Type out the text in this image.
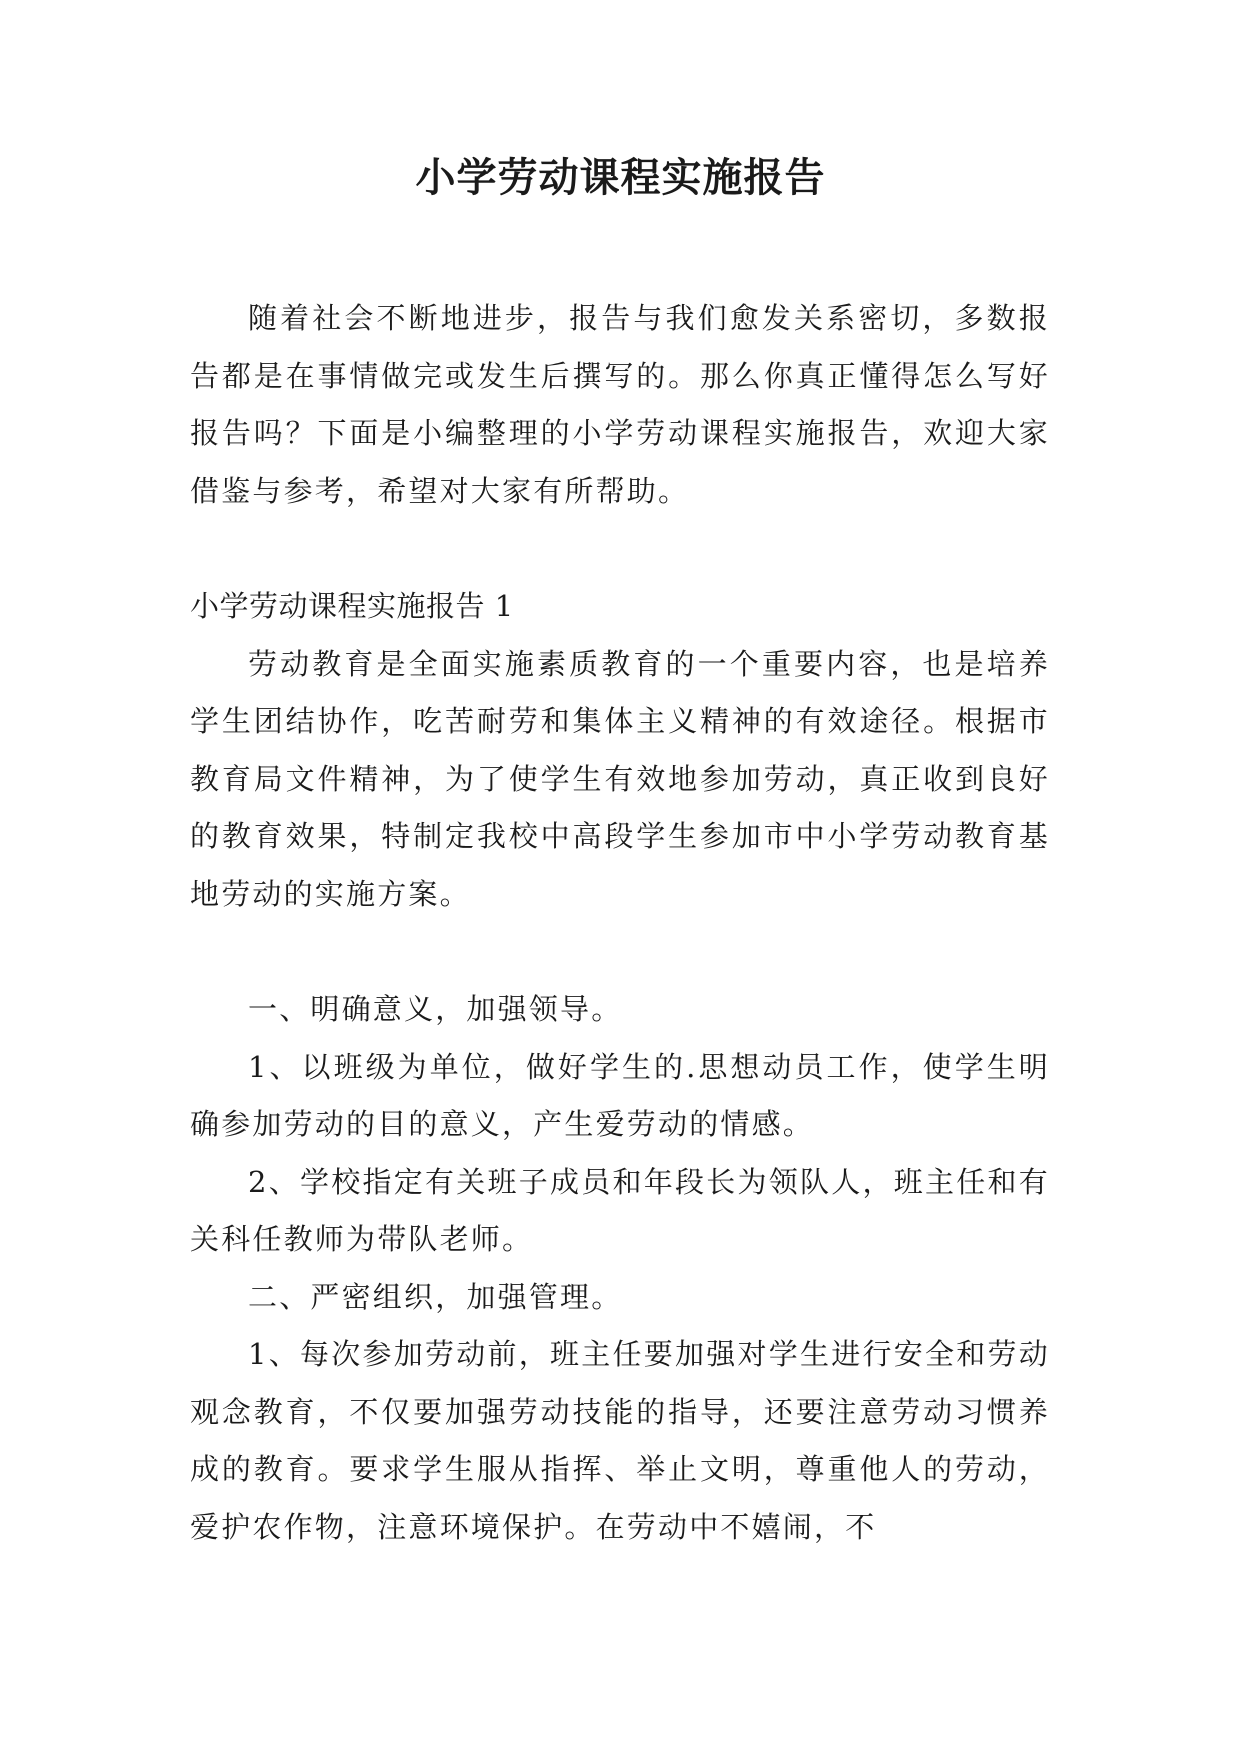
小学劳动课程实施报告

随着社会不断地进步，报告与我们愈发关系密切，多数报告都是在事情做完或发生后撰写的。那么你真正懂得怎么写好报告吗？下面是小编整理的小学劳动课程实施报告，欢迎大家借鉴与参考，希望对大家有所帮助。

小学劳动课程实施报告 1

劳动教育是全面实施素质教育的一个重要内容，也是培养学生团结协作，吃苦耐劳和集体主义精神的有效途径。根据市教育局文件精神，为了使学生有效地参加劳动，真正收到良好的教育效果，特制定我校中高段学生参加市中小学劳动教育基地劳动的实施方案。

一、明确意义，加强领导。

1、以班级为单位，做好学生的.思想动员工作，使学生明确参加劳动的目的意义，产生爱劳动的情感。

2、学校指定有关班子成员和年段长为领队人，班主任和有关科任教师为带队老师。

二、严密组织，加强管理。

1、每次参加劳动前，班主任要加强对学生进行安全和劳动观念教育，不仅要加强劳动技能的指导，还要注意劳动习惯养成的教育。要求学生服从指挥、举止文明，尊重他人的劳动，爱护农作物，注意环境保护。在劳动中不嬉闹，不
